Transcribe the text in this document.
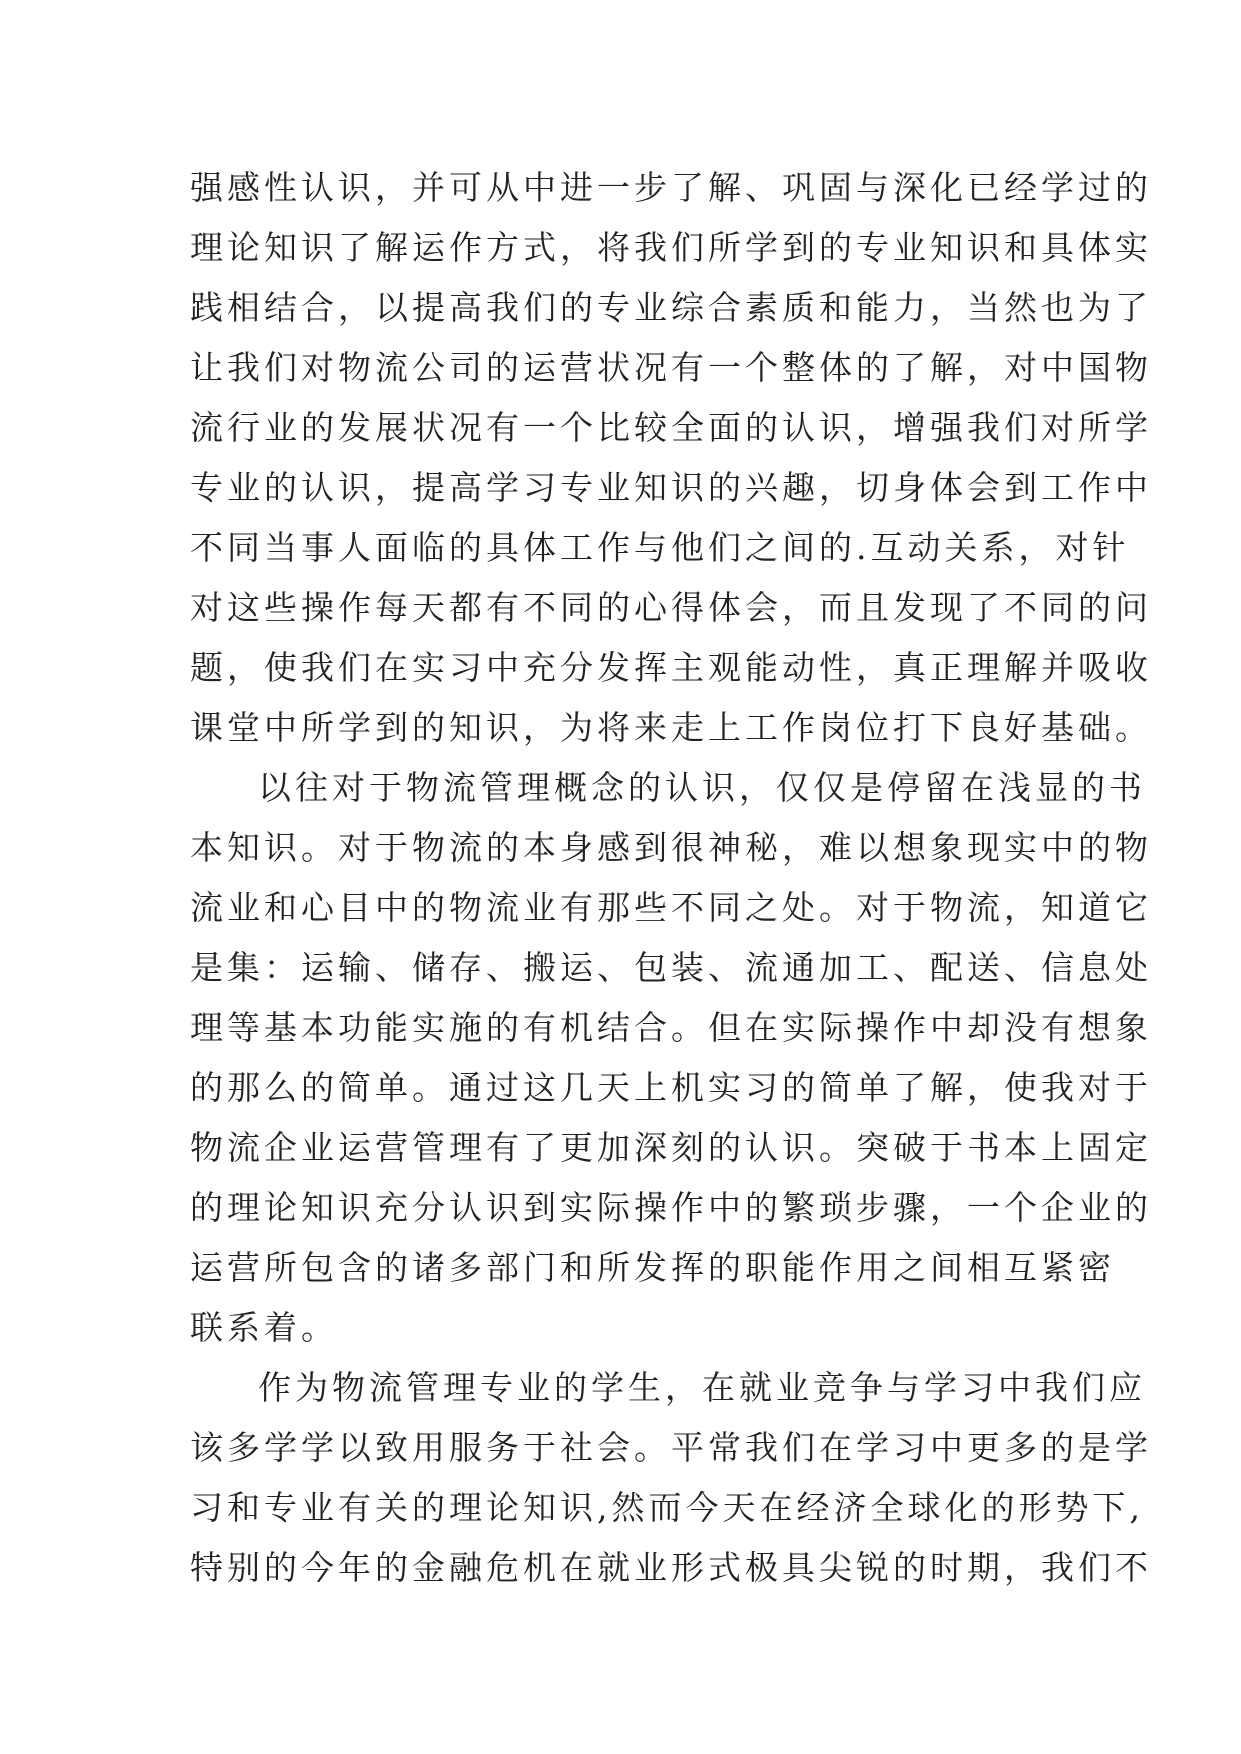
强感性认识，并可从中进一步了解、巩固与深化已经学过的
理论知识了解运作方式，将我们所学到的专业知识和具体实
践相结合，以提高我们的专业综合素质和能力，当然也为了
让我们对物流公司的运营状况有一个整体的了解，对中国物
流行业的发展状况有一个比较全面的认识，增强我们对所学
专业的认识，提高学习专业知识的兴趣，切身体会到工作中
不同当事人面临的具体工作与他们之间的.互动关系，对针
对这些操作每天都有不同的心得体会，而且发现了不同的问
题，使我们在实习中充分发挥主观能动性，真正理解并吸收
课堂中所学到的知识，为将来走上工作岗位打下良好基础。
以往对于物流管理概念的认识，仅仅是停留在浅显的书
本知识。对于物流的本身感到很神秘，难以想象现实中的物
流业和心目中的物流业有那些不同之处。对于物流，知道它
是集：运输、储存、搬运、包装、流通加工、配送、信息处
理等基本功能实施的有机结合。但在实际操作中却没有想象
的那么的简单。通过这几天上机实习的简单了解，使我对于
物流企业运营管理有了更加深刻的认识。突破于书本上固定
的理论知识充分认识到实际操作中的繁琐步骤，一个企业的
运营所包含的诸多部门和所发挥的职能作用之间相互紧密
联系着。
作为物流管理专业的学生，在就业竞争与学习中我们应
该多学学以致用服务于社会。平常我们在学习中更多的是学
习和专业有关的理论知识,然而今天在经济全球化的形势下,
特别的今年的金融危机在就业形式极具尖锐的时期，我们不
